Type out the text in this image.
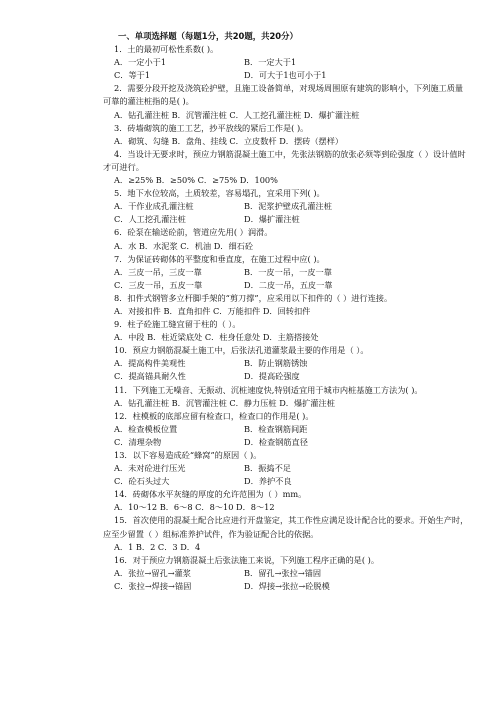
一、单项选择题（每题1分，共20题，共20分）
1．土的最初可松性系数( )。
A．一定小于1	B．一定大于1
C．等于1	D．可大于1也可小于1
2．需要分段开挖及浇筑砼护壁，且施工设备简单，对现场周围原有建筑的影响小，下列施工质量可靠的灌注桩指的是( )。
A．钻孔灌注桩 B．沉管灌注桩 C．人工挖孔灌注桩 D．爆扩灌注桩
3．砖墙砌筑的施工工艺，抄平放线的紧后工作是( )。
A．砌筑、勾缝 B．盘角、挂线 C．立皮数杆 D．摆砖（摆样）
4．当设计无要求时，预应力钢筋混凝土施工中，先张法钢筋的放张必须等到砼强度（ ）设计值时才可进行。
A．≥25% B．≥50% C．≥75% D．100%
5．地下水位较高，土质较差，容易塌孔，宜采用下列( )。
A．干作业成孔灌注桩	B．泥浆护壁成孔灌注桩
C．人工挖孔灌注桩	D．爆扩灌注桩
6．砼泵在输送砼前，管道应先用( ）润滑。
A．水 B．水泥浆 C．机油 D．细石砼
7．为保证砖砌体的平整度和垂直度，在施工过程中应( )。
A．三皮一吊，三皮一靠	B．一皮一吊，一皮一靠
C．三皮一吊，五皮一靠	D．二皮一吊，五皮一靠
8．扣件式钢管多立杆脚手架的“剪刀撑”，应采用以下扣件的（ ）进行连接。
A．对接扣件 B．直角扣件 C．万能扣件 D．回转扣件
9．柱子砼施工缝宜留于柱的（ ）。
A．中段 B．柱近梁底处 C．柱身任意处 D．主筋搭接处
10．预应力钢筋混凝土施工中，后张法孔道灌浆最主要的作用是（ ）。
A．提高构件美观性	B．防止钢筋锈蚀
C．提高锚具耐久性	D．提高砼强度
11．下列施工无噪音、无振动、沉桩速度快,特别适宜用于城市内桩基施工方法为( )。
A．钻孔灌注桩 B．沉管灌注桩 C．静力压桩 D．爆扩灌注桩
12．柱模板的底部应留有检查口，检查口的作用是( )。
A．检查模板位置	B．检查钢筋间距
C．清理杂物	D．检查钢筋直径
13．以下容易造成砼“蜂窝”的原因（ )。
A．未对砼进行压光	B．振捣不足
C．砼石头过大	D．养护不良
14．砖砌体水平灰缝的厚度的允许范围为（ ）mm。
A．10～12 B．6～8 C．8～10 D．8～12
15．首次使用的混凝土配合比应进行开盘鉴定，其工作性应满足设计配合比的要求。开始生产时，应至少留置（ ）组标准养护试件，作为验证配合比的依据。
A．1 B．2 C．3 D．4
16．对于预应力钢筋混凝土后张法施工来说，下列施工程序正确的是( )。
A．张拉→留孔→灌浆	B．留孔→张拉→锚固
C．张拉→焊接→锚固	D．焊接→张拉→砼脱模
